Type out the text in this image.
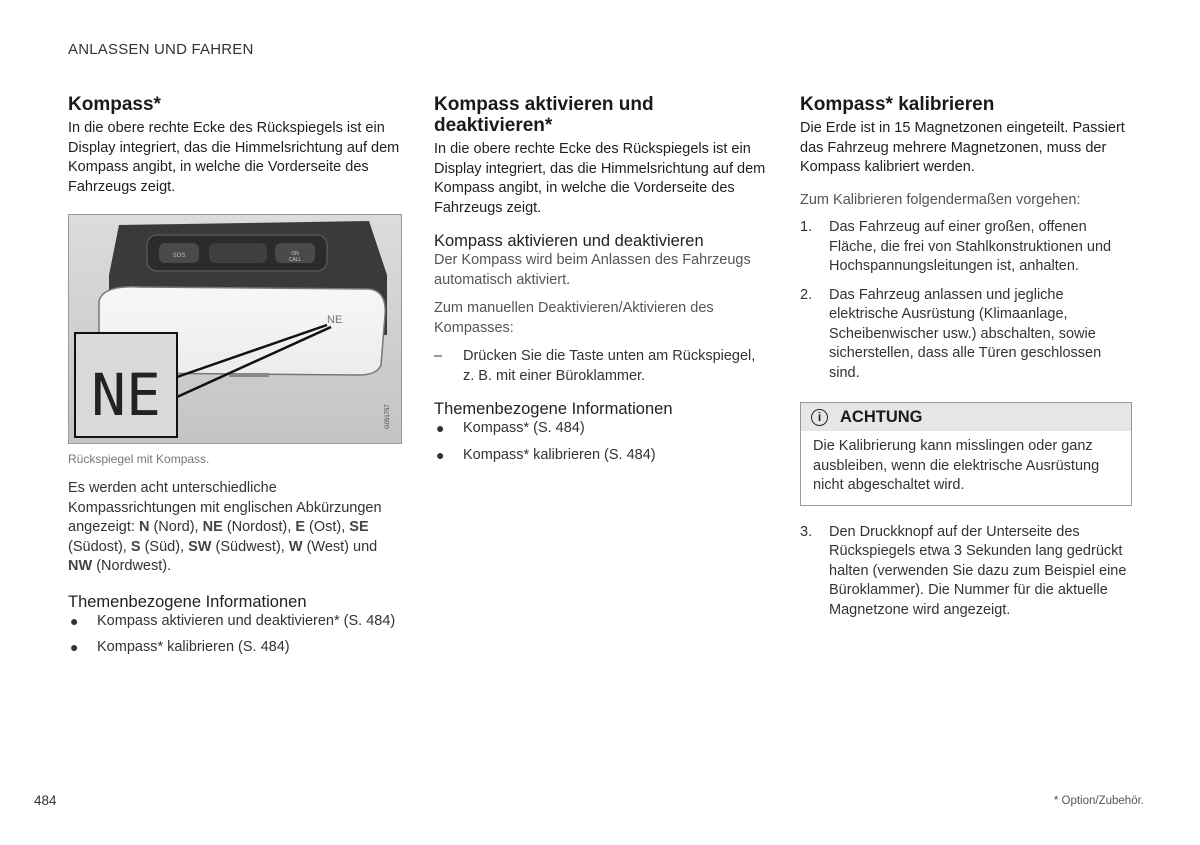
ANLASSEN UND FAHREN
Kompass*

In die obere rechte Ecke des Rückspiegels ist ein Display integriert, das die Himmelsrichtung auf dem Kompass angibt, in welche die Vorderseite des Fahrzeugs zeigt.

SOS	ON
CALL
NE
NE	G051757
Rückspiegel mit Kompass.

Es werden acht unterschiedliche Kompassrichtungen mit englischen Abkürzungen angezeigt: N (Nord), NE (Nordost), E (Ost), SE (Südost), S (Süd), SW (Südwest), W (West) und NW (Nordwest).

Themenbezogene Informationen
● Kompass aktivieren und deaktivieren* (S. 484)
● Kompass* kalibrieren (S. 484)
Kompass aktivieren und deaktivieren*

In die obere rechte Ecke des Rückspiegels ist ein Display integriert, das die Himmelsrichtung auf dem Kompass angibt, in welche die Vorderseite des Fahrzeugs zeigt.

Kompass aktivieren und deaktivieren

Der Kompass wird beim Anlassen des Fahrzeugs automatisch aktiviert.

Zum manuellen Deaktivieren/Aktivieren des Kompasses:

– Drücken Sie die Taste unten am Rückspiegel, z. B. mit einer Büroklammer.
Themenbezogene Informationen
● Kompass* (S. 484)
● Kompass* kalibrieren (S. 484)
Kompass* kalibrieren

Die Erde ist in 15 Magnetzonen eingeteilt. Passiert das Fahrzeug mehrere Magnetzonen, muss der Kompass kalibriert werden.

Zum Kalibrieren folgendermaßen vorgehen:

1. Das Fahrzeug auf einer großen, offenen Fläche, die frei von Stahlkonstruktionen und Hochspannungsleitungen ist, anhalten.
2. Das Fahrzeug anlassen und jegliche elektrische Ausrüstung (Klimaanlage, Scheibenwischer usw.) abschalten, sowie sicherstellen, dass alle Türen geschlossen sind.
i	ACHTUNG
Die Kalibrierung kann misslingen oder ganz ausbleiben, wenn die elektrische Ausrüstung nicht abgeschaltet wird.
3. Den Druckknopf auf der Unterseite des Rückspiegels etwa 3 Sekunden lang gedrückt halten (verwenden Sie dazu zum Beispiel eine Büroklammer). Die Nummer für die aktuelle Magnetzone wird angezeigt.
484	* Option/Zubehör.
